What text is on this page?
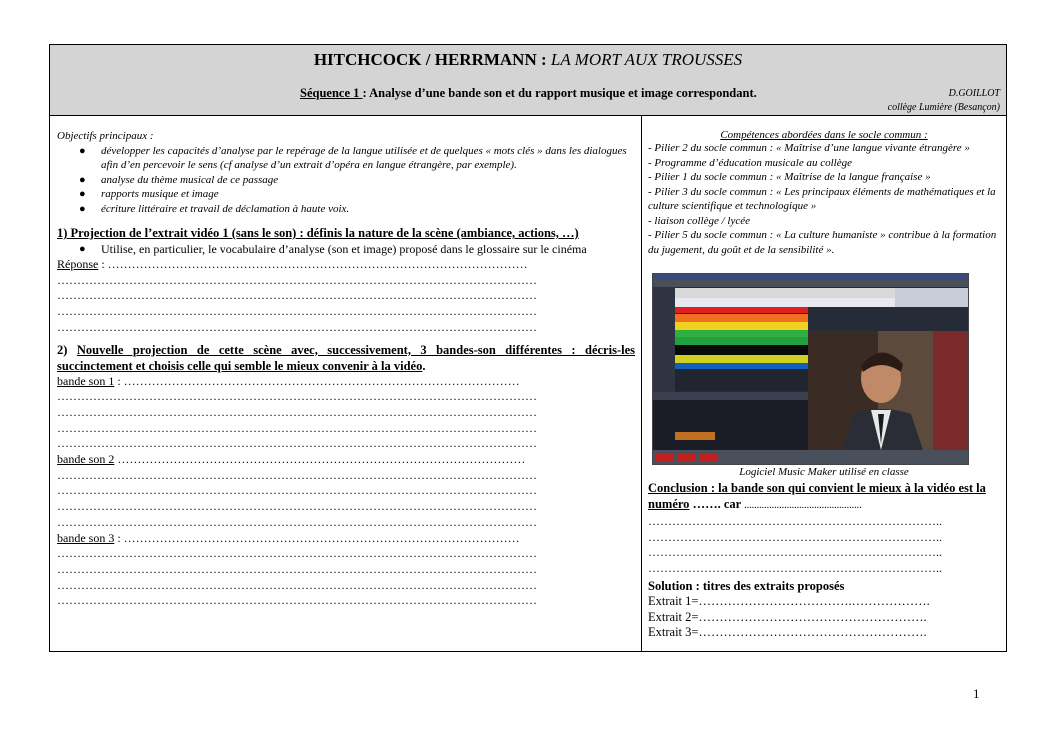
HITCHCOCK / HERRMANN : LA MORT AUX TROUSSES
Séquence 1 : Analyse d’une bande son et du rapport musique et image correspondant.	D.GOILLOT
collège Lumière (Besançon)
Objectifs principaux :
● développer les capacités d’analyse par le repérage de la langue utilisée et de quelques « mots clés » dans les dialogues afin d’en percevoir le sens (cf analyse d’un extrait d’opéra en langue étrangère, par exemple).
● analyse du thème musical de ce passage
● rapports musique et image
● écriture littéraire et travail de déclamation à haute voix.
1) Projection de l’extrait vidéo 1 (sans le son) : définis la nature de la scène (ambiance, actions, …)
● Utilise, en particulier, le vocabulaire d’analyse (son et image) proposé dans le glossaire sur le cinéma
Réponse : ……………………………………………………………………………………………
…………………………………………………………………………………………………………
…………………………………………………………………………………………………………
…………………………………………………………………………………………………………
…………………………………………………………………………………………………………
2) Nouvelle projection de cette scène avec, successivement, 3 bandes-son différentes : décris-les succinctement et choisis celle qui semble le mieux convenir à la vidéo.
bande son 1 : ………………………………………………………………………………………
…………………………………………………………………………………………………………
…………………………………………………………………………………………………………
…………………………………………………………………………………………………………
…………………………………………………………………………………………………………
bande son 2 …………………………………………………………………………………………
…………………………………………………………………………………………………………
…………………………………………………………………………………………………………
…………………………………………………………………………………………………………
…………………………………………………………………………………………………………
bande son 3 : ………………………………………………………………………………………
…………………………………………………………………………………………………………
…………………………………………………………………………………………………………
…………………………………………………………………………………………………………
…………………………………………………………………………………………………………
Compétences abordées dans le socle commun :
- Pilier 2 du socle commun : « Maîtrise d’une langue vivante étrangère »
- Programme d’éducation musicale au collège
- Pilier 1 du socle commun : « Maîtrise de la langue française »
- Pilier 3 du socle commun : « Les principaux éléments de mathématiques et la culture scientifique et technologique »
- liaison collège / lycée
- Pilier 5 du socle commun : « La culture humaniste » contribue à la formation du jugement, du goût et de la sensibilité ».
Logiciel Music Maker utilisé en classe
Conclusion : la bande son qui convient le mieux à la vidéo est la numéro ……. car ...............................................
………………………………………………………………..
………………………………………………………………..
………………………………………………………………..
………………………………………………………………..
Solution : titres des extraits proposés
Extrait 1=……………………………….……………….
Extrait 2=……………………………………………….
Extrait 3=……………………………………………….
1
